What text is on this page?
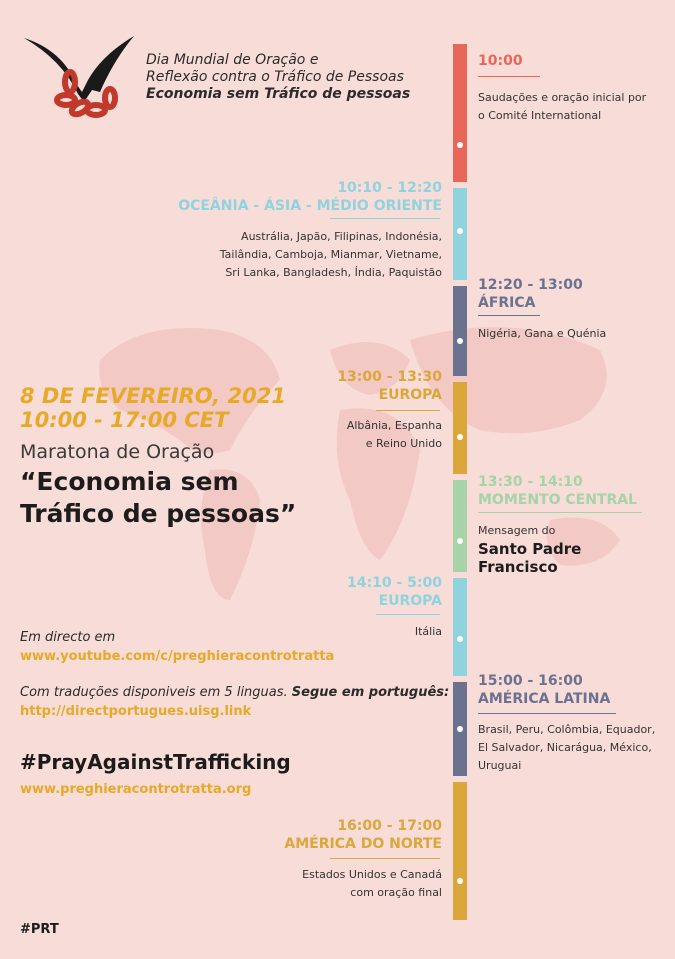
Dia Mundial de Oração e
Reflexão contra o Tráfico de Pessoas
Economia sem Tráfico de pessoas
8 DE FEVEREIRO, 2021
10:00 - 17:00 CET
Maratona de Oração
“Economia sem
Tráfico de pessoas”
Em directo em
www.youtube.com/c/preghieracontrotratta
Com traduções disponiveis em 5 linguas. Segue em português:
http://directportugues.uisg.link
#PrayAgainstTrafficking
www.preghieracontrotratta.org
#PRT
10:00
Saudações e oração inicial por
o Comité International
10:10 - 12:20
OCEÂNIA - ÁSIA - MÉDIO ORIENTE
Austrália, Japão, Filipinas, Indonésia,
Tailândia, Camboja, Mianmar, Vietname,
Sri Lanka, Bangladesh, Índia, Paquistão
12:20 - 13:00
ÁFRICA
Nigéria, Gana e Quénia
13:00 - 13:30
EUROPA
Albânia, Espanha
e Reino Unido
13:30 - 14:10
MOMENTO CENTRAL
Mensagem do
Santo Padre
Francisco
14:10 - 5:00
EUROPA
Itália
15:00 - 16:00
AMÉRICA LATINA
Brasil, Peru, Colômbia, Equador,
El Salvador, Nicarágua, México,
Uruguai
16:00 - 17:00
AMÉRICA DO NORTE
Estados Unidos e Canadá
com oração final
